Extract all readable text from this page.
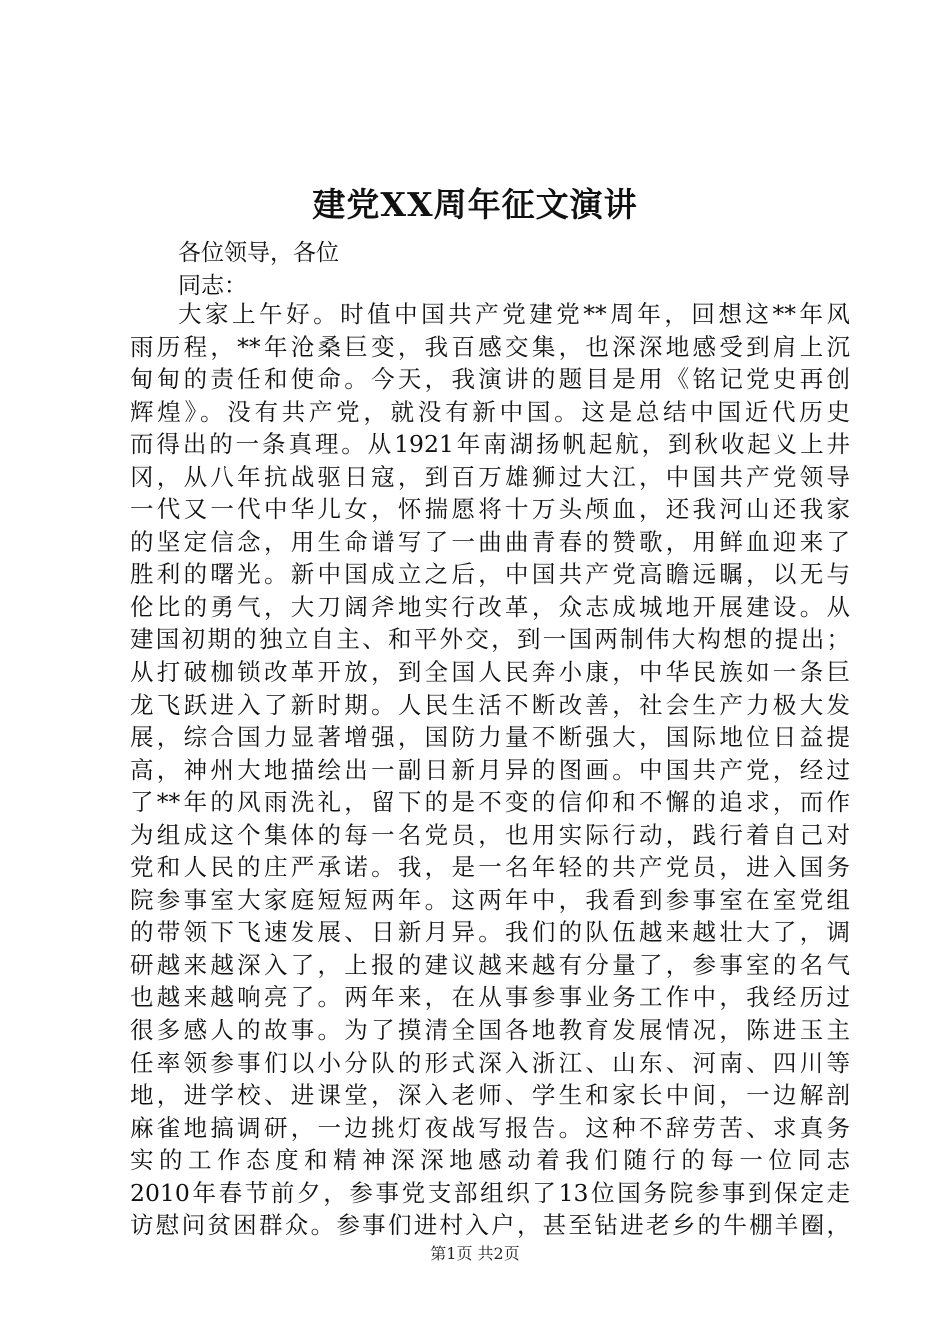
建党XX周年征文演讲
各位领导，各位
同志：
大家上午好。时值中国共产党建党**周年，回想这**年风
雨历程，**年沧桑巨变，我百感交集，也深深地感受到肩上沉
甸甸的责任和使命。今天，我演讲的题目是用《铭记党史再创
辉煌》。没有共产党，就没有新中国。这是总结中国近代历史
而得出的一条真理。从1921年南湖扬帆起航，到秋收起义上井
冈，从八年抗战驱日寇，到百万雄狮过大江，中国共产党领导
一代又一代中华儿女，怀揣愿将十万头颅血，还我河山还我家
的坚定信念，用生命谱写了一曲曲青春的赞歌，用鲜血迎来了
胜利的曙光。新中国成立之后，中国共产党高瞻远瞩，以无与
伦比的勇气，大刀阔斧地实行改革，众志成城地开展建设。从
建国初期的独立自主、和平外交，到一国两制伟大构想的提出；
从打破枷锁改革开放，到全国人民奔小康，中华民族如一条巨
龙飞跃进入了新时期。人民生活不断改善，社会生产力极大发
展，综合国力显著增强，国防力量不断强大，国际地位日益提
高，神州大地描绘出一副日新月异的图画。中国共产党，经过
了**年的风雨洗礼，留下的是不变的信仰和不懈的追求，而作
为组成这个集体的每一名党员，也用实际行动，践行着自己对
党和人民的庄严承诺。我，是一名年轻的共产党员，进入国务
院参事室大家庭短短两年。这两年中，我看到参事室在室党组
的带领下飞速发展、日新月异。我们的队伍越来越壮大了，调
研越来越深入了，上报的建议越来越有分量了，参事室的名气
也越来越响亮了。两年来，在从事参事业务工作中，我经历过
很多感人的故事。为了摸清全国各地教育发展情况，陈进玉主
任率领参事们以小分队的形式深入浙江、山东、河南、四川等
地，进学校、进课堂，深入老师、学生和家长中间，一边解剖
麻雀地搞调研，一边挑灯夜战写报告。这种不辞劳苦、求真务
实的工作态度和精神深深地感动着我们随行的每一位同志
2010年春节前夕，参事党支部组织了13位国务院参事到保定走
访慰问贫困群众。参事们进村入户，甚至钻进老乡的牛棚羊圈，
第1页 共2页
